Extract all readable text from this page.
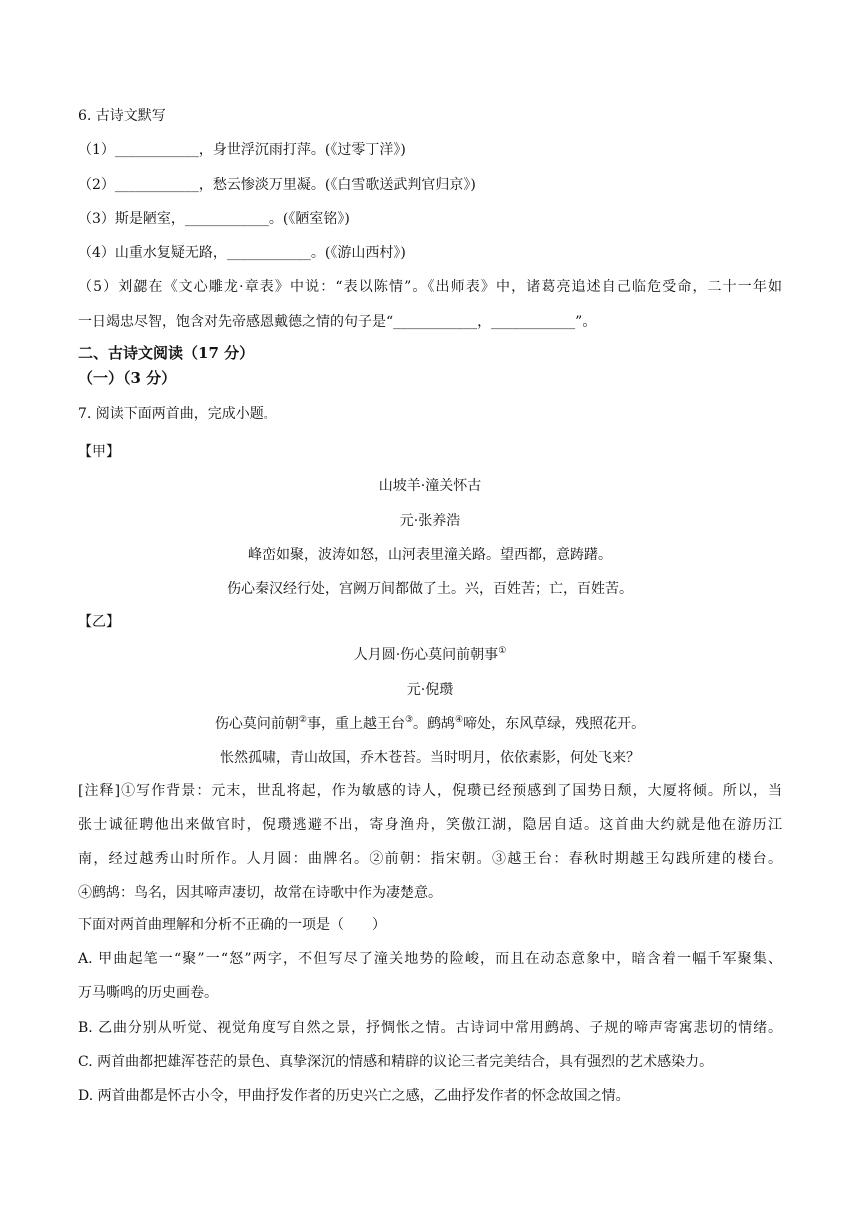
6. 古诗文默写
（1）____________，身世浮沉雨打萍。(《过零丁洋》)
（2）____________，愁云惨淡万里凝。(《白雪歌送武判官归京》)
（3）斯是陋室，____________。(《陋室铭》)
（4）山重水复疑无路，____________。(《游山西村》)
（5）刘勰在《文心雕龙·章表》中说：“表以陈情”。《出师表》中，诸葛亮追述自己临危受命，二十一年如
一日竭忠尽智，饱含对先帝感恩戴德之情的句子是“____________，____________”。
二、古诗文阅读（17 分）
（一）（3 分）
7. 阅读下面两首曲，完成小题。
【甲】
山坡羊·潼关怀古
元·张养浩
峰峦如聚，波涛如怒，山河表里潼关路。望西都，意踌躇。
伤心秦汉经行处，宫阙万间都做了土。兴，百姓苦；亡，百姓苦。
【乙】
人月圆·伤心莫问前朝事①
元·倪瓒
伤心莫问前朝②事，重上越王台③。鹧鸪④啼处，东风草绿，残照花开。
怅然孤啸，青山故国，乔木苍苔。当时明月，依依素影，何处飞来？
[注释]①写作背景：元末，世乱将起，作为敏感的诗人，倪瓒已经预感到了国势日颓，大厦将倾。所以，当
张士诚征聘他出来做官时，倪瓒逃避不出，寄身渔舟，笑傲江湖，隐居自适。这首曲大约就是他在游历江
南，经过越秀山时所作。人月圆：曲牌名。②前朝：指宋朝。③越王台：春秋时期越王勾践所建的楼台。
④鹧鸪：鸟名，因其啼声凄切，故常在诗歌中作为凄楚意。
下面对两首曲理解和分析不正确的一项是（　　）
A. 甲曲起笔一“聚”一“怒”两字，不但写尽了潼关地势的险峻，而且在动态意象中，暗含着一幅千军聚集、
万马嘶鸣的历史画卷。
B. 乙曲分别从听觉、视觉角度写自然之景，抒惆怅之情。古诗词中常用鹧鸪、子规的啼声寄寓悲切的情绪。
C. 两首曲都把雄浑苍茫的景色、真挚深沉的情感和精辟的议论三者完美结合，具有强烈的艺术感染力。
D. 两首曲都是怀古小令，甲曲抒发作者的历史兴亡之感，乙曲抒发作者的怀念故国之情。
